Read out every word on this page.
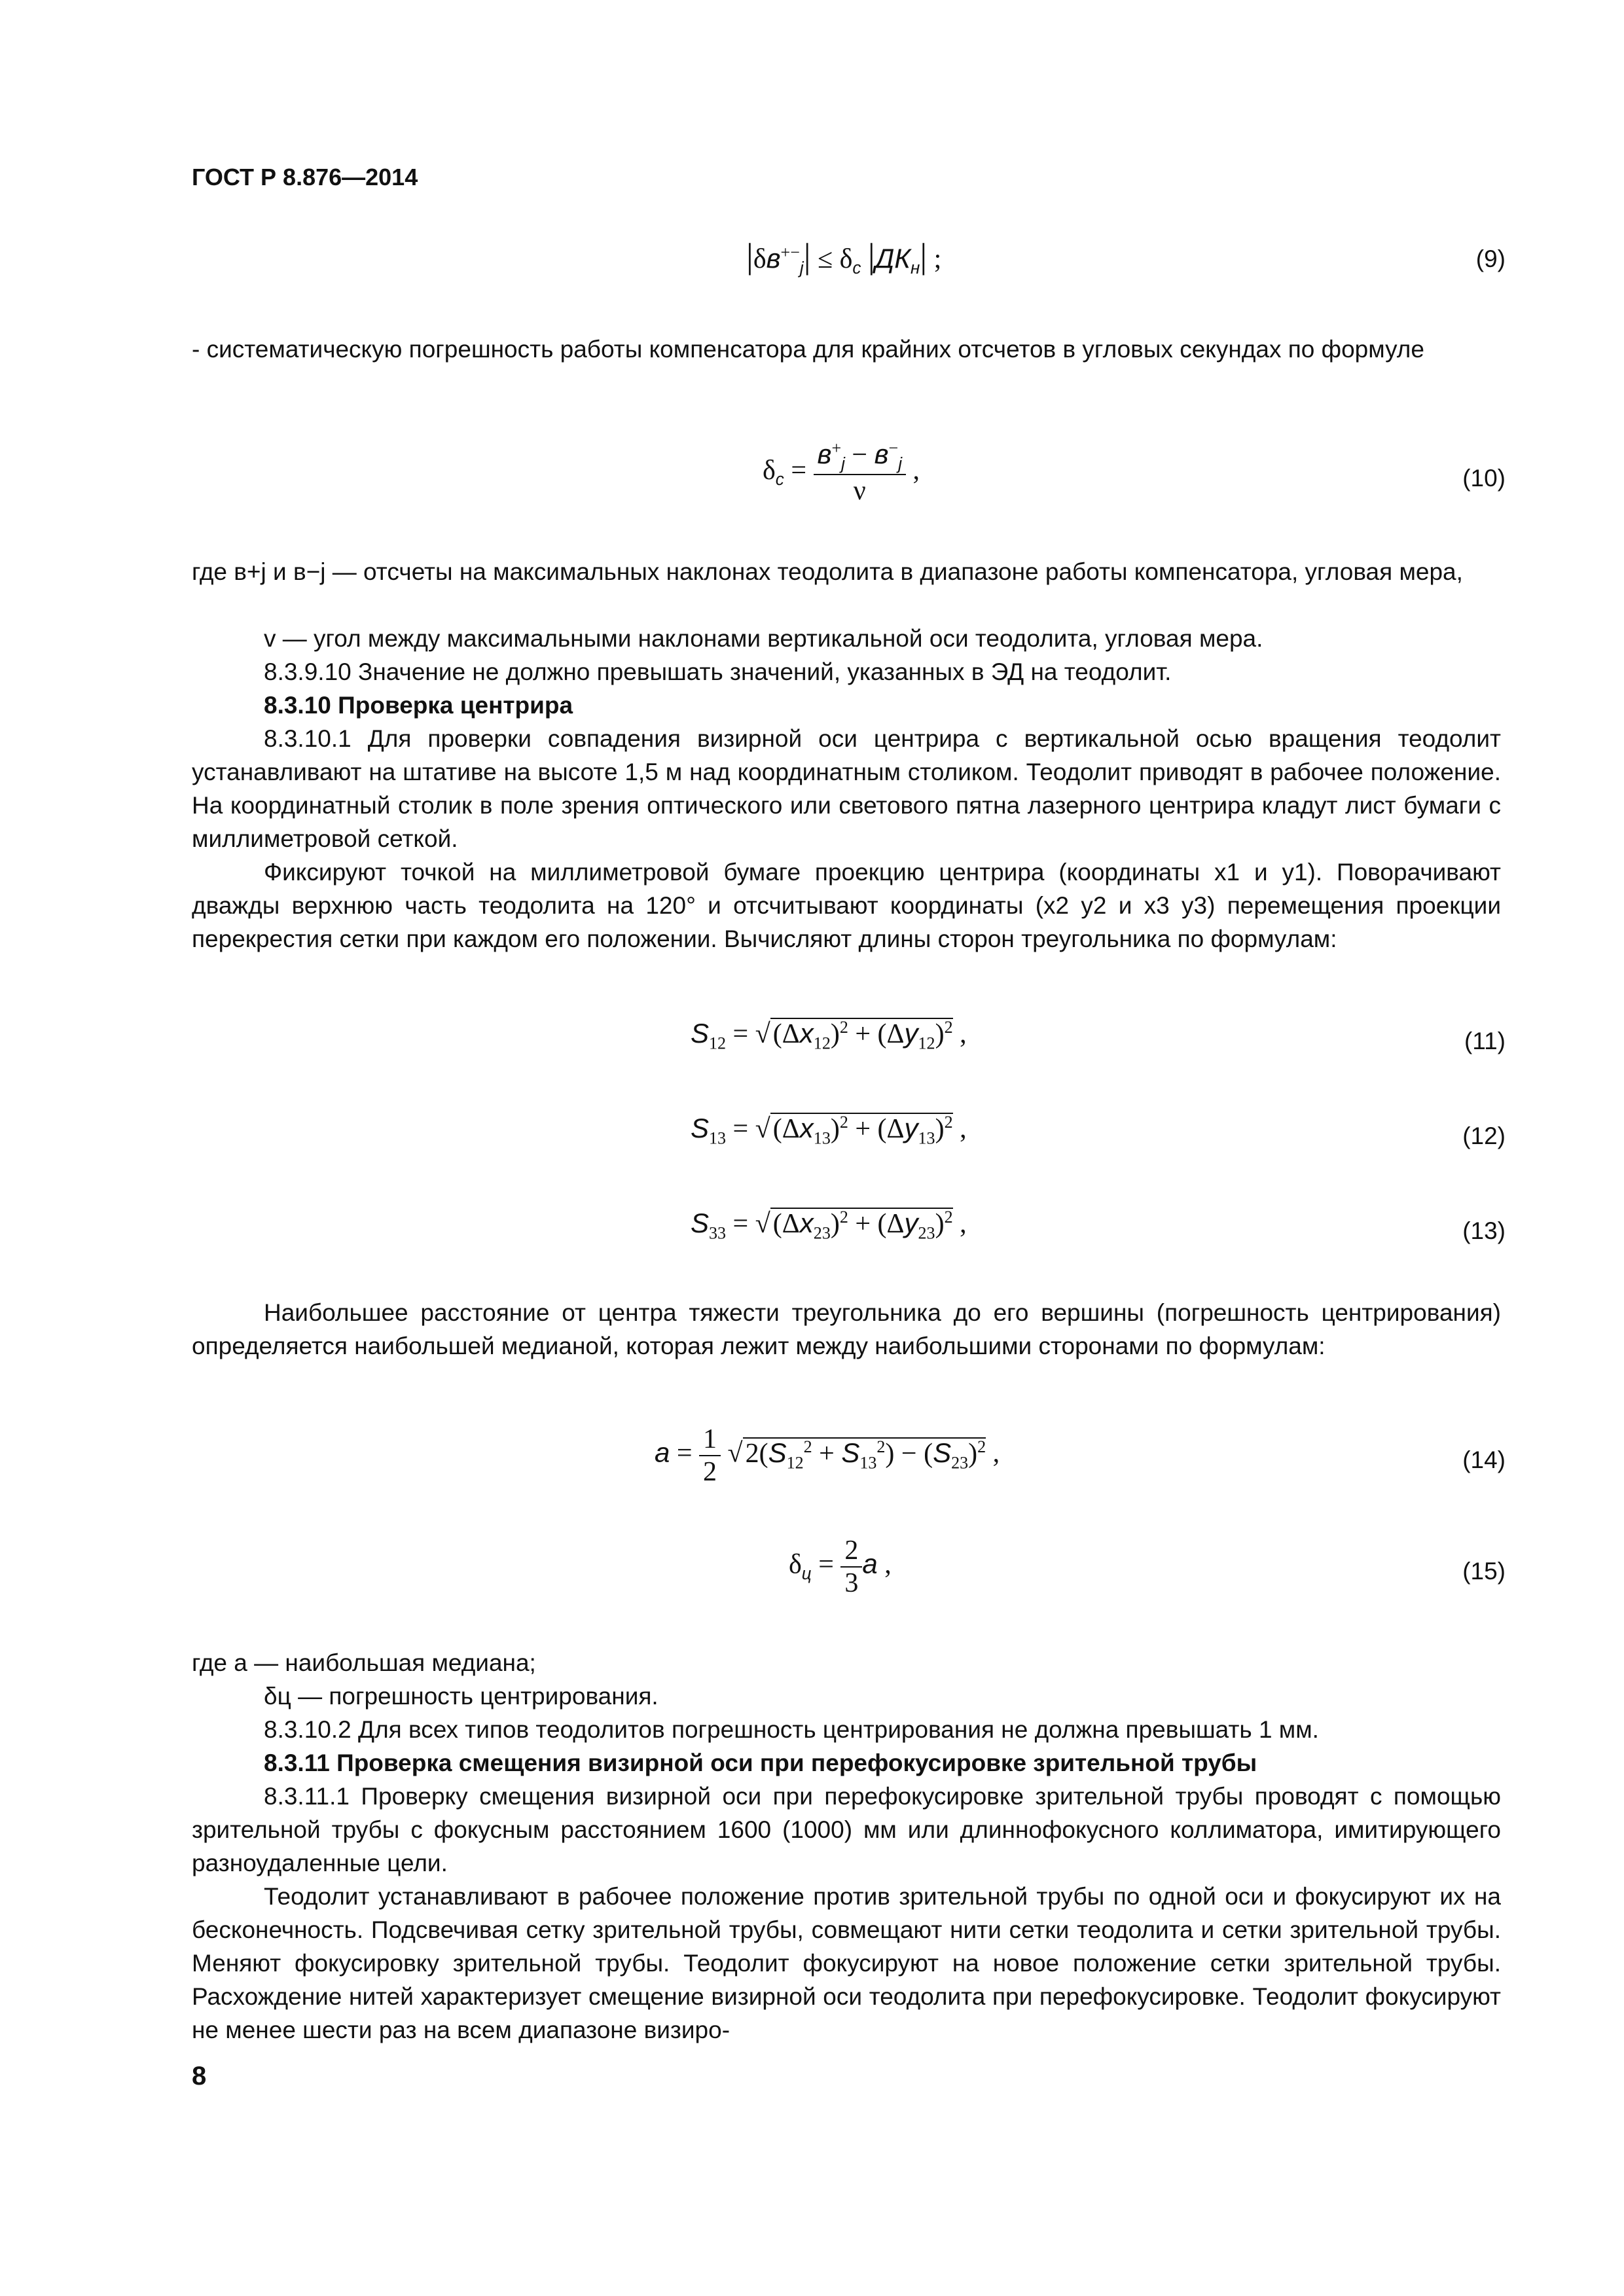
ГОСТ Р 8.876—2014
$|\delta в^{+-}_j| \le \delta_c$ $|ДК_н|$ ;	(9)
- систематическую погрешность работы компенсатора для крайних отсчетов в угловых секундах по формуле
$\delta_c = \frac{в^+_j - в^-_j}{\nu}$ ,	(10)
где в+j и в−j — отсчеты на максимальных наклонах теодолита в диапазоне работы компенсатора, угловая мера,
v — угол между максимальными наклонами вертикальной оси теодолита, угловая мера.
8.3.9.10 Значение не должно превышать значений, указанных в ЭД на теодолит.
8.3.10 Проверка центрира
8.3.10.1 Для проверки совпадения визирной оси центрира с вертикальной осью вращения теодолит устанавливают на штативе на высоте 1,5 м над координатным столиком. Теодолит приводят в рабочее положение. На координатный столик в поле зрения оптического или светового пятна лазерного центрира кладут лист бумаги с миллиметровой сеткой.
Фиксируют точкой на миллиметровой бумаге проекцию центрира (координаты x1 и y1). Поворачивают дважды верхнюю часть теодолита на 120° и отсчитывают координаты (x2 y2 и x3 y3) перемещения проекции перекрестия сетки при каждом его положении. Вычисляют длины сторон треугольника по формулам:
$S_{12} = √(\Delta x_{12})^2 + (\Delta y_{12})^2$ ,	(11)
$S_{13} = √(\Delta x_{13})^2 + (\Delta y_{13})^2$ ,	(12)
$S_{33} = √(\Delta x_{23})^2 + (\Delta y_{23})^2$ ,	(13)
Наибольшее расстояние от центра тяжести треугольника до его вершины (погрешность центрирования) определяется наибольшей медианой, которая лежит между наибольшими сторонами по формулам:
$a = \frac{1}{2} √2(S_{12}^2 + S_{13}^2) - (S_{23})^2$ ,	(14)
$\delta_ц = \frac{2}{3}$ a ,	(15)
где a — наибольшая медиана;
δц — погрешность центрирования.
8.3.10.2 Для всех типов теодолитов погрешность центрирования не должна превышать 1 мм.
8.3.11 Проверка смещения визирной оси при перефокусировке зрительной трубы
8.3.11.1 Проверку смещения визирной оси при перефокусировке зрительной трубы проводят с помощью зрительной трубы с фокусным расстоянием 1600 (1000) мм или длиннофокусного коллиматора, имитирующего разноудаленные цели.
Теодолит устанавливают в рабочее положение против зрительной трубы по одной оси и фокусируют их на бесконечность. Подсвечивая сетку зрительной трубы, совмещают нити сетки теодолита и сетки зрительной трубы. Меняют фокусировку зрительной трубы. Теодолит фокусируют на новое положение сетки зрительной трубы. Расхождение нитей характеризует смещение визирной оси теодолита при перефокусировке. Теодолит фокусируют не менее шести раз на всем диапазоне визиро-
8
